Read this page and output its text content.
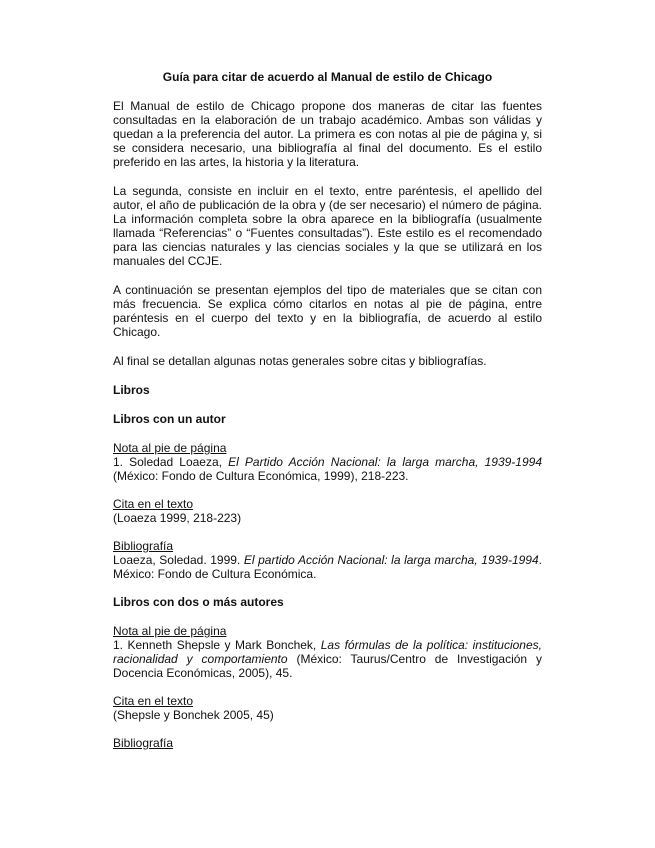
Guía para citar de acuerdo al Manual de estilo de Chicago

El Manual de estilo de Chicago propone dos maneras de citar las fuentes consultadas en la elaboración de un trabajo académico. Ambas son válidas y quedan a la preferencia del autor. La primera es con notas al pie de página y, si se considera necesario, una bibliografía al final del documento. Es el estilo preferido en las artes, la historia y la literatura.

La segunda, consiste en incluir en el texto, entre paréntesis, el apellido del autor, el año de publicación de la obra y (de ser necesario) el número de página. La información completa sobre la obra aparece en la bibliografía (usualmente llamada “Referencias” o “Fuentes consultadas”). Este estilo es el recomendado para las ciencias naturales y las ciencias sociales y la que se utilizará en los manuales del CCJE.

A continuación se presentan ejemplos del tipo de materiales que se citan con más frecuencia. Se explica cómo citarlos en notas al pie de página, entre paréntesis en el cuerpo del texto y en la bibliografía, de acuerdo al estilo Chicago.

Al final se detallan algunas notas generales sobre citas y bibliografías.

Libros

Libros con un autor

Nota al pie de página
1. Soledad Loaeza, El Partido Acción Nacional: la larga marcha, 1939-1994 (México: Fondo de Cultura Económica, 1999), 218-223.
Cita en el texto
(Loaeza 1999, 218-223)
Bibliografía
Loaeza, Soledad. 1999. El partido Acción Nacional: la larga marcha, 1939-1994. México: Fondo de Cultura Económica.

Libros con dos o más autores

Nota al pie de página
1. Kenneth Shepsle y Mark Bonchek, Las fórmulas de la política: instituciones, racionalidad y comportamiento (México: Taurus/Centro de Investigación y Docencia Económicas, 2005), 45.
Cita en el texto
(Shepsle y Bonchek 2005, 45)
Bibliografía
